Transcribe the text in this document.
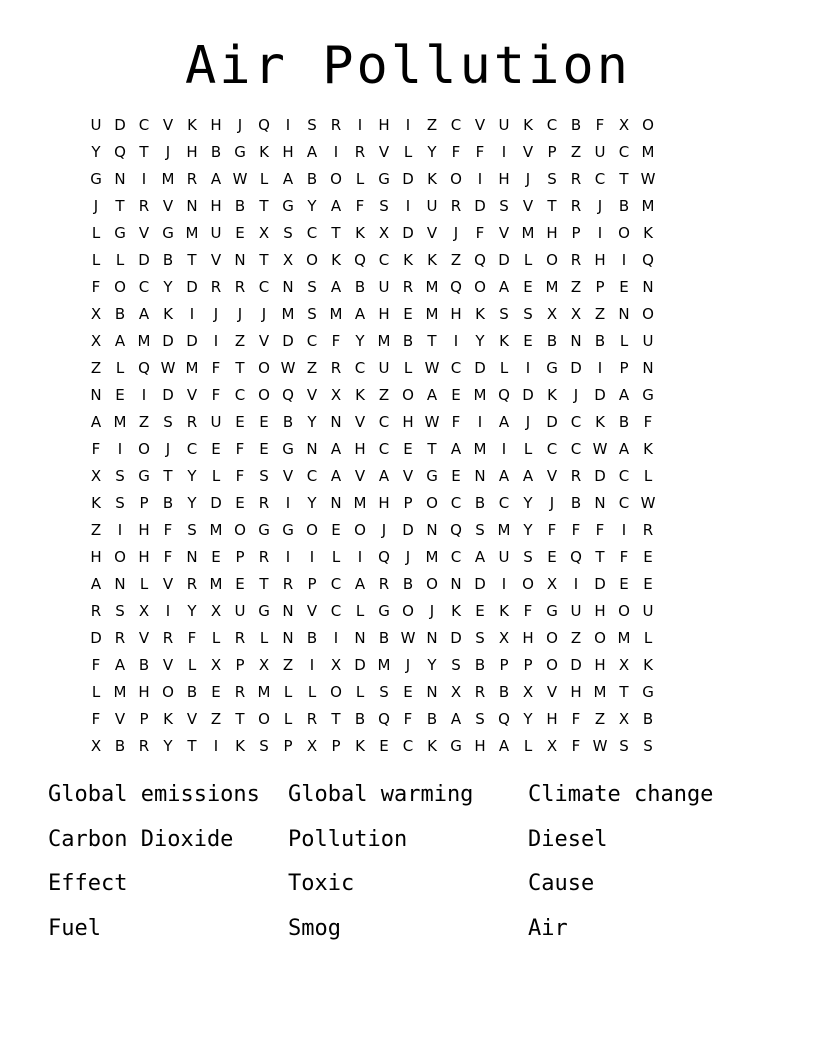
Air Pollution
U D C V K H	J	Q	I	S R	I	H	I	Z C V U K C B F X O
Y Q T	J	H B G K H A	I	R V L	Y	F	F	I	V P Z U C M
G N	I	M R A W L A B O L G D K O	I	H	J	S R C T W
J	T R V N H B T G Y A F S	I	U R D S V T R	J	B M
L G V G M U E X S C T K X D V	J	F V M H P	I	O K
L	L D B T V N T X O K Q C K K Z Q D L O R H	I	Q
F O C Y D R R C N S A B U R M Q O A E M Z P E N
X B A K	I	J	J	J	M S M A H E M H K S S X X Z N O
X A M D D	I	Z V D C F	Y M B T	I	Y K E B N B L U
Z L Q W M F	T O W Z R C U L W C D L	I	G D	I	P N
N E	I	D V F C O Q V X K Z O A E M Q D K	J	D A G
A M Z S R U E E B Y N V C H W F	I	A	J	D C K B F
F	I	O	J	C E F E G N A H C E T A M	I	L C C W A K
X S G T Y	L	F S V C A V A V G E N A A V R D C L
K S P B Y D E R	I	Y N M H P O C B C Y	J	B N C W
Z	I	H F S M O G G O E O	J	D N Q S M Y	F	F	F	I	R
H O H F N E P R	I	I	L	I	Q	J	M C A U S E Q T	F E
A N L V R M E T R P C A R B O N D	I	O X	I	D E E
R S X	I	Y X U G N V C L G O	J	K E K F G U H O U
D R V R F	L R L N B	I	N B W N D S X H O Z O M L
F A B V L X P X Z	I	X D M	J	Y S B P P O D H X K
L M H O B E R M L	L O L	S E N X R B X V H M T G
F V P K V Z T O L R T B Q F B A S Q Y H F Z X B
X B R Y T	I	K S P X P K E C K G H A L X F W S S
Global emissions	Global warming	Climate change
Carbon Dioxide	Pollution	Diesel
Effect	Toxic	Cause
Fuel	Smog	Air
